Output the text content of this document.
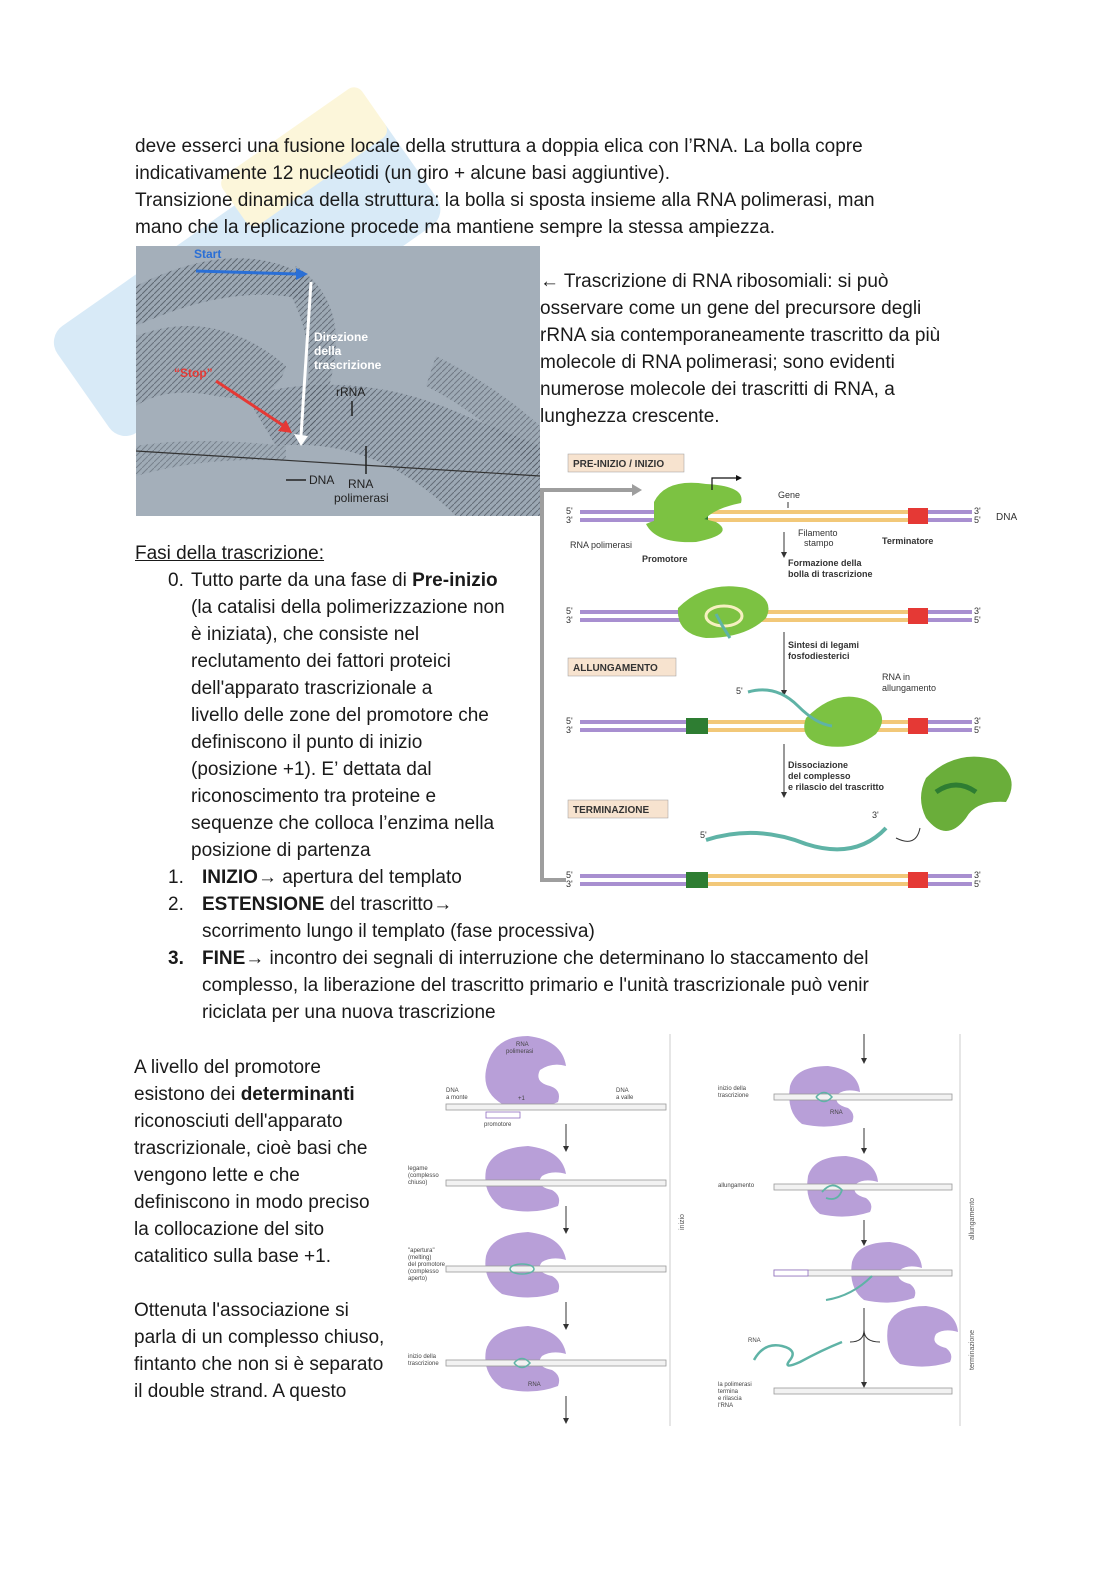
deve esserci una fusione locale della struttura a doppia elica con l’RNA. La bolla copre
indicativamente 12 nucleotidi (un giro + alcune basi aggiuntive).
Transizione dinamica della struttura: la bolla si sposta insieme alla RNA polimerasi, man
mano che la replicazione procede ma mantiene sempre la stessa ampiezza.
Start
Direzione
della
trascrizione
“Stop”
rRNA
DNA RNA
polimerasi
← Trascrizione di RNA ribosomiali: si può
osservare come un gene del precursore degli
rRNA sia contemporaneamente trascritto da più
molecole di RNA polimerasi; sono evidenti
numerose molecole dei trascritti di RNA, a
lunghezza crescente.
PRE-INIZIO / INIZIO
ALLUNGAMENTO
TERMINAZIONE
5'
3'
3'
5' DNA
Gene
RNA polimerasi
Promotore
Filamento
stampo	Terminatore
Formazione della
bolla di trascrizione
5'
3'
3'
5'
Sintesi di legami
fosfodiesterici
RNA in
allungamento
5'
5'
3'
3'
5'
Dissociazione
del complesso
e rilascio del trascritto
5'
3'
5'
3'
3'
5'
Fasi della trascrizione:
0. Tutto parte da una fase di Pre-inizio
(la catalisi della polimerizzazione non
è iniziata), che consiste nel
reclutamento dei fattori proteici
dell'apparato trascrizionale a
livello delle zone del promotore che
definiscono il punto di inizio
(posizione +1). E’ dettata dal
riconoscimento tra proteine e
sequenze che colloca l’enzima nella
posizione di partenza
1. INIZIO→ apertura del templato
2. ESTENSIONE del trascritto→
scorrimento lungo il templato (fase processiva)
3. FINE→ incontro dei segnali di interruzione che determinano lo staccamento del
complesso, la liberazione del trascritto primario e l'unità trascrizionale può venir
riciclata per una nuova trascrizione
A livello del promotore
esistono dei determinanti
riconosciuti dell'apparato
trascrizionale, cioè basi che
vengono lette e che
definiscono in modo preciso
la collocazione del sito
catalitico sulla base +1.
Ottenuta l'associazione si
parla di un complesso chiuso,
fintanto che non si è separato
il double strand. A questo
inizio	allungamento
terminazione
RNA
polimerasi
DNA
a monte
DNA
a valle
+1
promotore
legame
(complesso
chiuso)
"apertura"
(melting)
del promotore
(complesso
aperto)
inizio della
trascrizione
RNA
inizio della
trascrizione
RNA
allungamento
RNA
la polimerasi
termina
e rilascia
l'RNA
